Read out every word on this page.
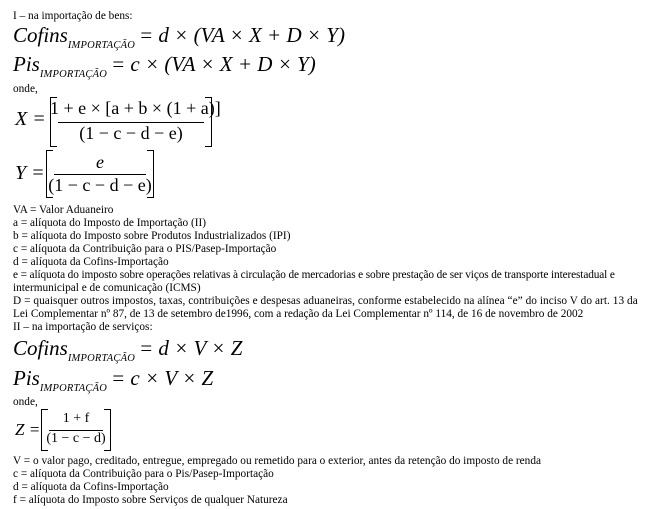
I – na importação de bens:
Cofins$_{IMPORTAÇÃO}$ = d × (VA × X + D × Y)
Pis$_{IMPORTAÇÃO}$ = c × (VA × X + D × Y)
onde,
X = 1 + e × [a + b × (1 + a)]
(1 − c − d − e)
Y =	e
(1 − c − d − e)
VA = Valor Aduaneiro
a = alíquota do Imposto de Importação (II)
b = alíquota do Imposto sobre Produtos Industrializados (IPI)
c = alíquota da Contribuição para o PIS/Pasep-Importação
d = alíquota da Cofins-Importação
e = alíquota do imposto sobre operações relativas à circulação de mercadorias e sobre prestação de ser viços de transporte interestadual e
intermunicipal e de comunicação (ICMS)
D = quaisquer outros impostos, taxas, contribuições e despesas aduaneiras, conforme estabelecido na alínea “e” do inciso V do art. 13 da
Lei Complementar nº 87, de 13 de setembro de1996, com a redação da Lei Complementar nº 114, de 16 de novembro de 2002
II – na importação de serviços:
Cofins$_{IMPORTAÇÃO}$ = d × V × Z
Pis$_{IMPORTAÇÃO}$ = c × V × Z
onde,
Z =
1 + f
(1 − c − d)
V = o valor pago, creditado, entregue, empregado ou remetido para o exterior, antes da retenção do imposto de renda
c = alíquota da Contribuição para o Pis/Pasep-Importação
d = alíquota da Cofins-Importação
f = alíquota do Imposto sobre Serviços de qualquer Natureza
